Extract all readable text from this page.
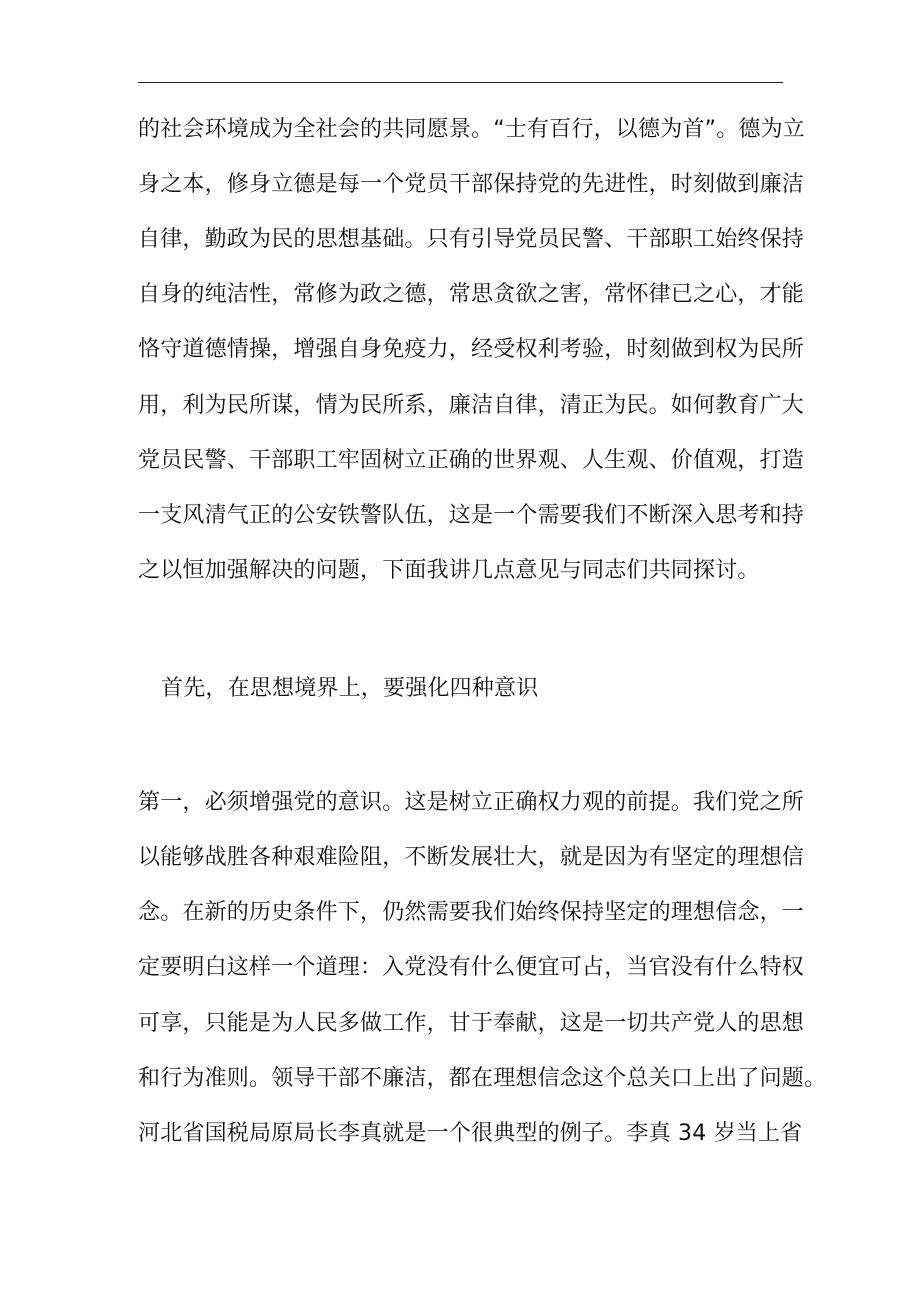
的社会环境成为全社会的共同愿景。“士有百行，以德为首”。德为立
身之本，修身立德是每一个党员干部保持党的先进性，时刻做到廉洁
自律，勤政为民的思想基础。只有引导党员民警、干部职工始终保持
自身的纯洁性，常修为政之德，常思贪欲之害，常怀律已之心，才能
恪守道德情操，增强自身免疫力，经受权利考验，时刻做到权为民所
用，利为民所谋，情为民所系，廉洁自律，清正为民。如何教育广大
党员民警、干部职工牢固树立正确的世界观、人生观、价值观，打造
一支风清气正的公安铁警队伍，这是一个需要我们不断深入思考和持
之以恒加强解决的问题，下面我讲几点意见与同志们共同探讨。
首先，在思想境界上，要强化四种意识
第一，必须增强党的意识。这是树立正确权力观的前提。我们党之所
以能够战胜各种艰难险阻，不断发展壮大，就是因为有坚定的理想信
念。在新的历史条件下，仍然需要我们始终保持坚定的理想信念，一
定要明白这样一个道理：入党没有什么便宜可占，当官没有什么特权
可享，只能是为人民多做工作，甘于奉献，这是一切共产党人的思想
和行为准则。领导干部不廉洁，都在理想信念这个总关口上出了问题。
河北省国税局原局长李真就是一个很典型的例子。李真 34 岁当上省
